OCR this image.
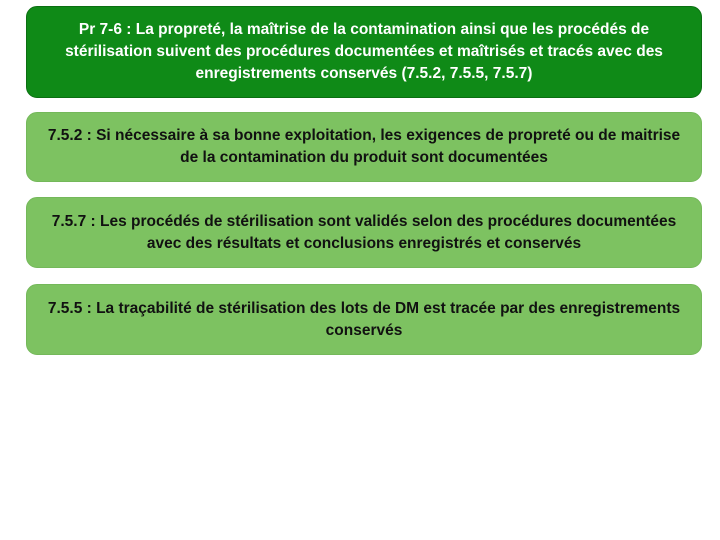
Pr 7-6 : La propreté, la maîtrise de la contamination ainsi que les procédés de stérilisation suivent des procédures documentées et maîtrisés et tracés avec des enregistrements conservés (7.5.2, 7.5.5, 7.5.7)
7.5.2 : Si nécessaire à sa bonne exploitation, les exigences de propreté ou de maitrise de la contamination du produit sont documentées
7.5.7 : Les procédés de stérilisation sont validés selon des procédures documentées avec des résultats et conclusions enregistrés et conservés
7.5.5 : La traçabilité de stérilisation des lots de DM est tracée par des enregistrements conservés
